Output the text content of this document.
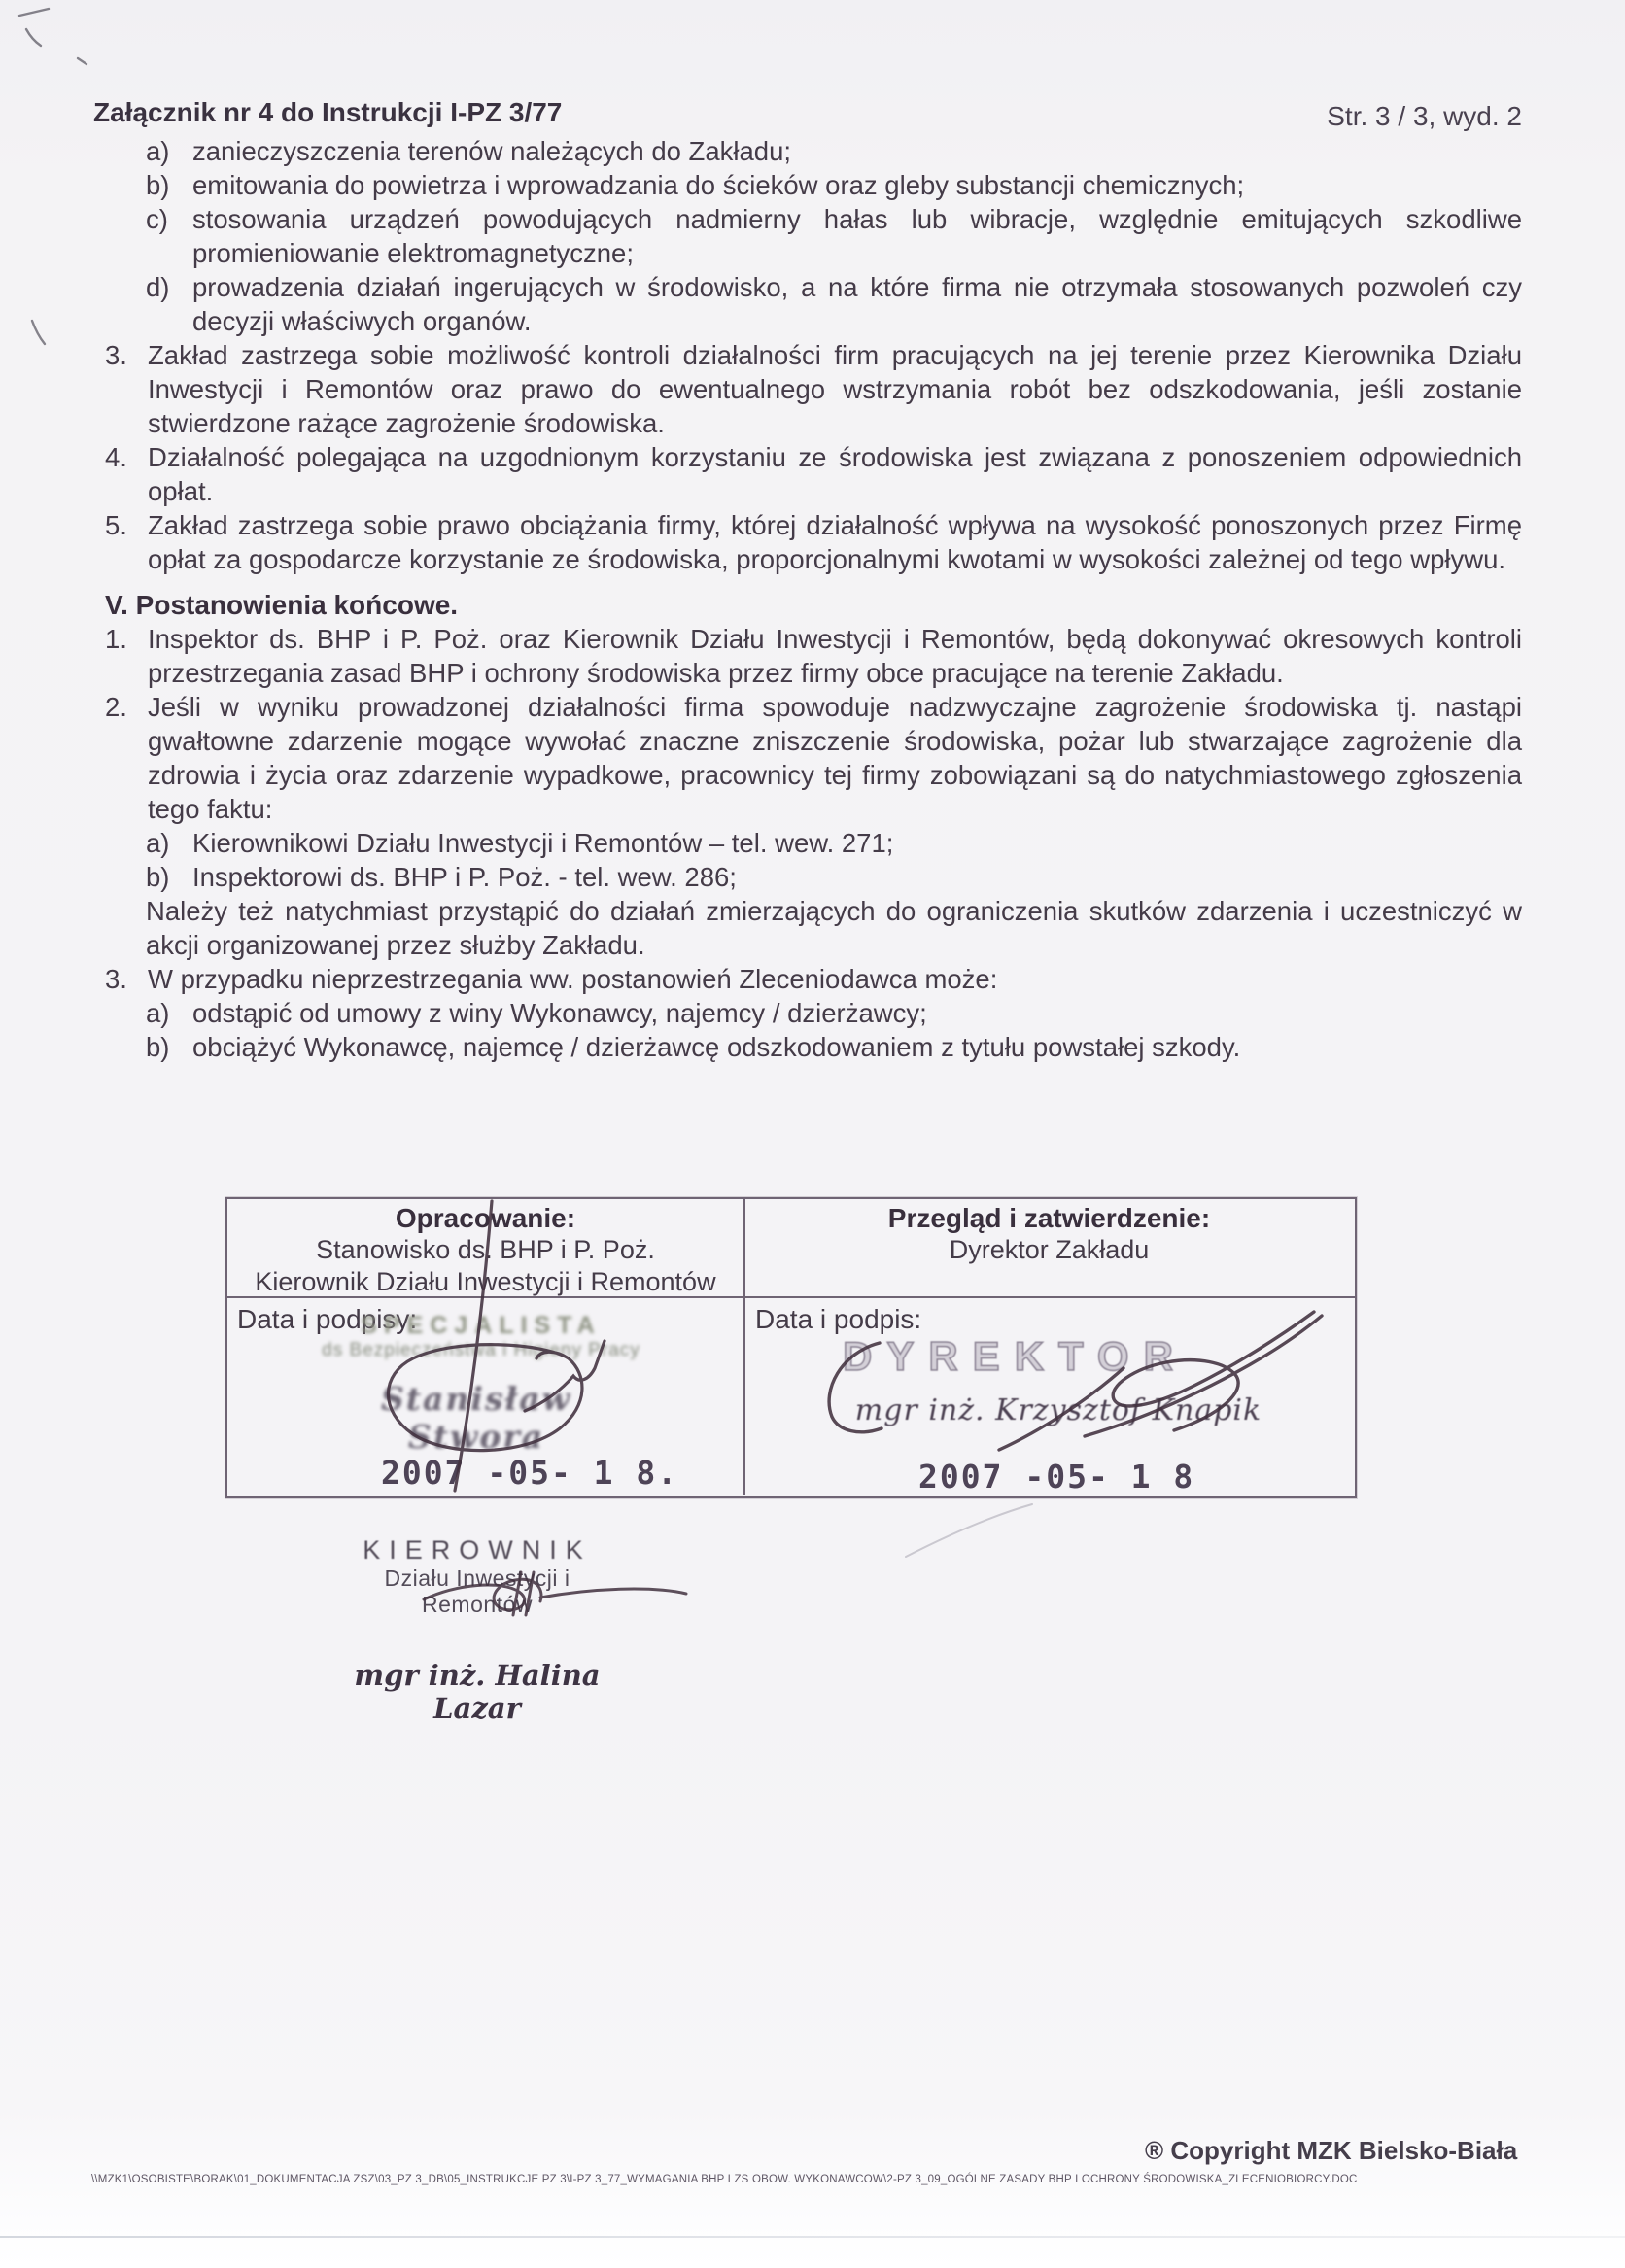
Załącznik nr 4 do Instrukcji I-PZ 3/77	Str. 3 / 3, wyd. 2
a) zanieczyszczenia terenów należących do Zakładu;
b) emitowania do powietrza i wprowadzania do ścieków oraz gleby substancji chemicznych;
c) stosowania urządzeń powodujących nadmierny hałas lub wibracje, względnie emitujących szkodliwe promieniowanie elektromagnetyczne;
d) prowadzenia działań ingerujących w środowisko, a na które firma nie otrzymała stosowanych pozwoleń czy decyzji właściwych organów.
3. Zakład zastrzega sobie możliwość kontroli działalności firm pracujących na jej terenie przez Kierownika Działu Inwestycji i Remontów oraz prawo do ewentualnego wstrzymania robót bez odszkodowania, jeśli zostanie stwierdzone rażące zagrożenie środowiska.
4. Działalność polegająca na uzgodnionym korzystaniu ze środowiska jest związana z ponoszeniem odpowiednich opłat.
5. Zakład zastrzega sobie prawo obciążania firmy, której działalność wpływa na wysokość ponoszonych przez Firmę opłat za gospodarcze korzystanie ze środowiska, proporcjonalnymi kwotami w wysokości zależnej od tego wpływu.
V. Postanowienia końcowe.
1. Inspektor ds. BHP i P. Poż. oraz Kierownik Działu Inwestycji i Remontów, będą dokonywać okresowych kontroli przestrzegania zasad BHP i ochrony środowiska przez firmy obce pracujące na terenie Zakładu.
2. Jeśli w wyniku prowadzonej działalności firma spowoduje nadzwyczajne zagrożenie środowiska tj. nastąpi gwałtowne zdarzenie mogące wywołać znaczne zniszczenie środowiska, pożar lub stwarzające zagrożenie dla zdrowia i życia oraz zdarzenie wypadkowe, pracownicy tej firmy zobowiązani są do natychmiastowego zgłoszenia tego faktu:
a) Kierownikowi Działu Inwestycji i Remontów – tel. wew. 271;
b) Inspektorowi ds. BHP i P. Poż. - tel. wew. 286;
Należy też natychmiast przystąpić do działań zmierzających do ograniczenia skutków zdarzenia i uczestniczyć w akcji organizowanej przez służby Zakładu.
3. W przypadku nieprzestrzegania ww. postanowień Zleceniodawca może:
a) odstąpić od umowy z winy Wykonawcy, najemcy / dzierżawcy;
b) obciążyć Wykonawcę, najemcę / dzierżawcę odszkodowaniem z tytułu powstałej szkody.
Opracowanie:
Stanowisko ds. BHP i P. Poż.
Kierownik Działu Inwestycji i Remontów
Przegląd i zatwierdzenie:
Dyrektor Zakładu
Data i podpisy:
SPECJALISTA
ds Bezpieczeństwa i Higieny Pracy
Stanisław Stwora
2007 -05- 1 8.
Data i podpis:
DYREKTOR
mgr inż. Krzysztof Knapik
2007 -05- 1 8
KIEROWNIK
Działu Inwestycji i Remontów
mgr inż. Halina Lazar
\\MZK1\OSOBISTE\BORAK\01_DOKUMENTACJA ZSZ\03_PZ 3_DB\05_INSTRUKCJE PZ 3\I-PZ 3_77_WYMAGANIA BHP I ZS OBOW. WYKONAWCOW\2-PZ 3_09_OGÓLNE ZASADY BHP I OCHRONY ŚRODOWISKA_ZLECENIOBIORCY.DOC
® Copyright MZK Bielsko-Biała
